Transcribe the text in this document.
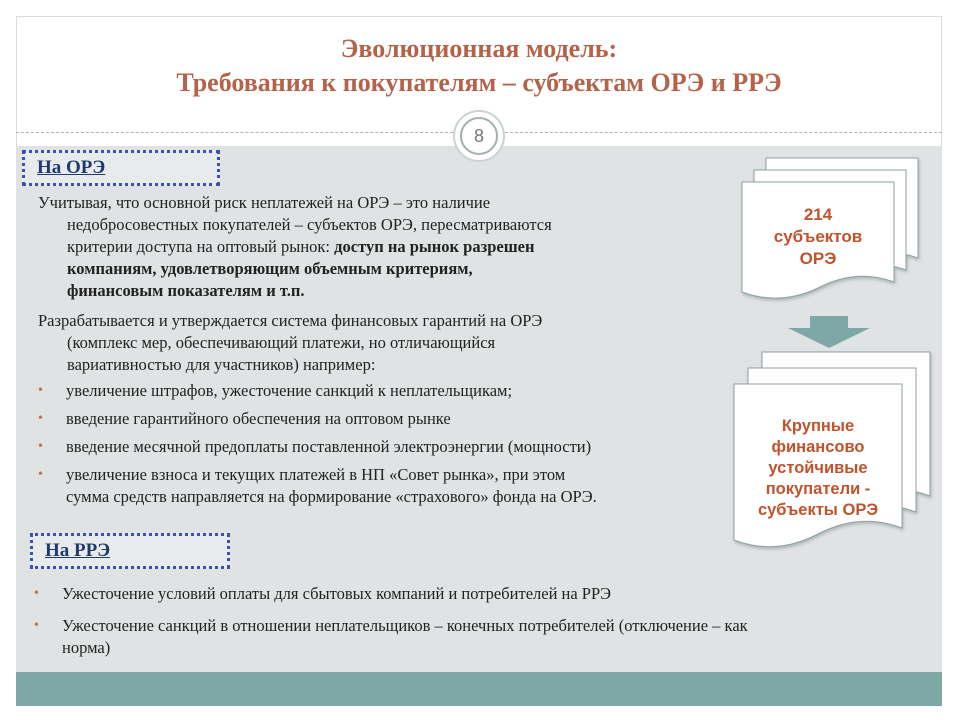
Эволюционная модель:
Требования к покупателям – субъектам ОРЭ и РРЭ
8
На ОРЭ
Учитывая, что основной риск неплатежей на ОРЭ – это наличие
недобросовестных покупателей – субъектов ОРЭ, пересматриваются
критерии доступа на оптовый рынок: доступ на рынок разрешен
компаниям, удовлетворяющим объемным критериям,
финансовым показателям и т.п.
Разрабатывается и утверждается система финансовых гарантий на ОРЭ
(комплекс мер, обеспечивающий платежи, но отличающийся
вариативностью для участников) например:
•	увеличение штрафов, ужесточение санкций к неплательщикам;
•	введение гарантийного обеспечения на оптовом рынке
•	введение месячной предоплаты поставленной электроэнергии (мощности)
•	увеличение взноса и текущих платежей в НП «Совет рынка», при этом
сумма средств направляется на формирование «страхового» фонда на ОРЭ.
На РРЭ
•	Ужесточение условий оплаты для сбытовых компаний и потребителей на РРЭ
•	Ужесточение санкций в отношении неплательщиков – конечных потребителей (отключение – как
норма)
214
субъектов
ОРЭ
Крупные
финансово
устойчивые
покупатели -
субъекты ОРЭ
